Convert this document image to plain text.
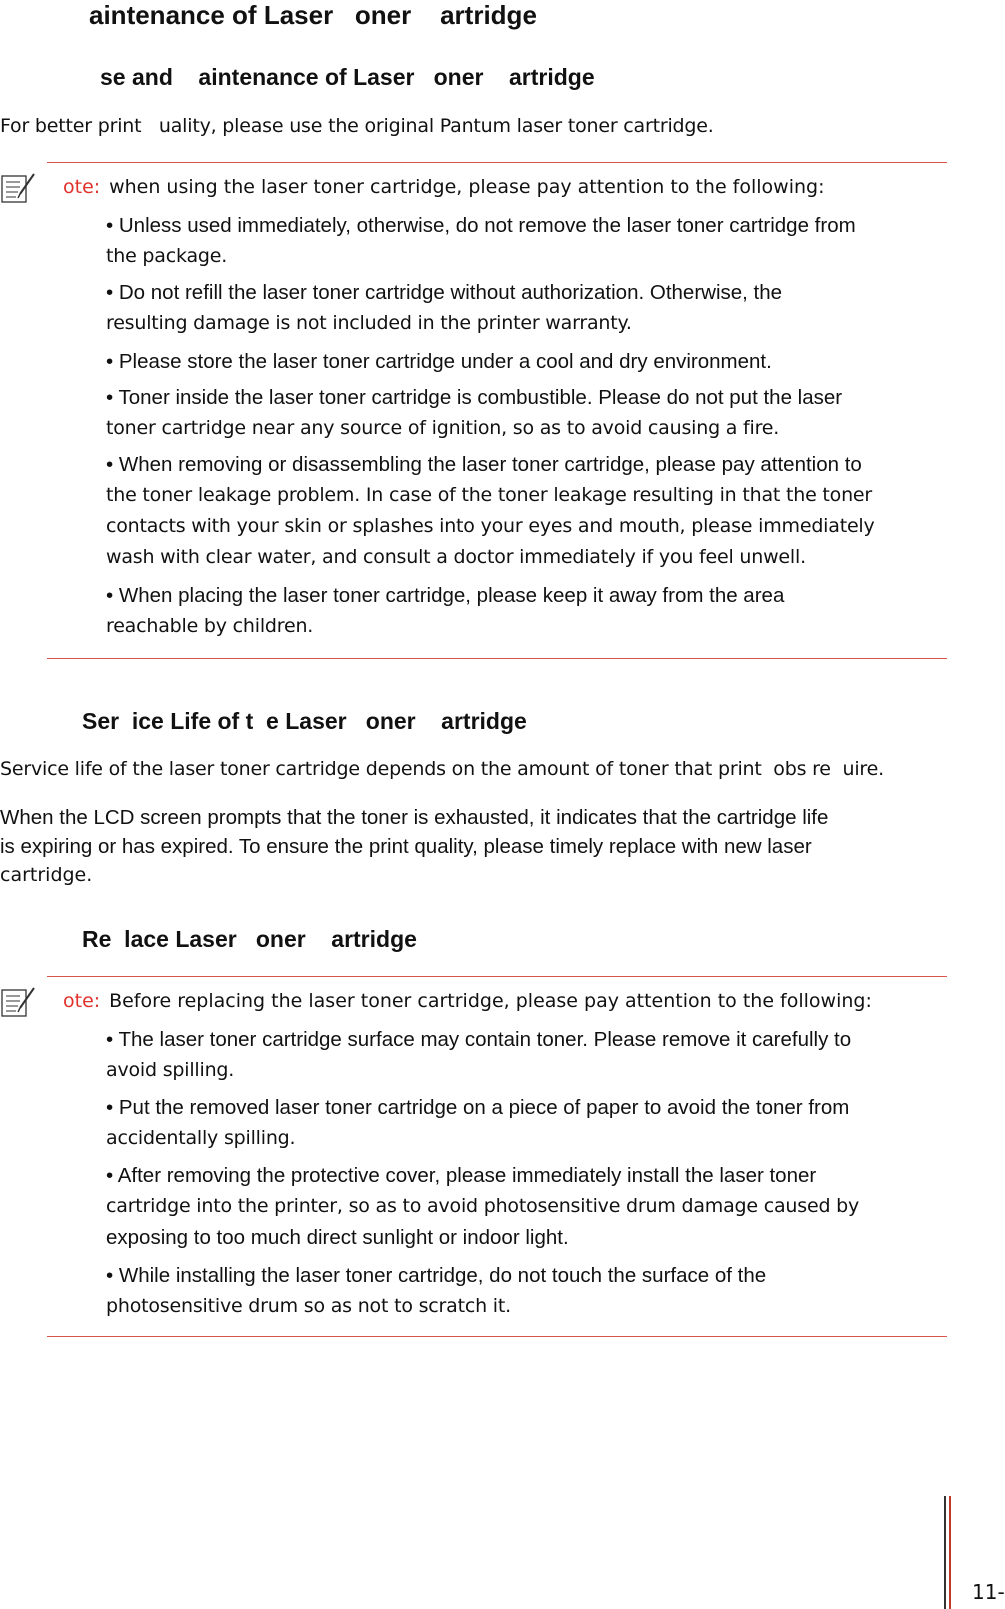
aintenance of Laser   oner    artridge
se and    aintenance of Laser   oner    artridge
For better print   uality, please use the original Pantum laser toner cartridge.
ote: when using the laser toner cartridge, please pay attention to the following:
• Unless used immediately, otherwise, do not remove the laser toner cartridge from
the package.
• Do not refill the laser toner cartridge without authorization. Otherwise, the
resulting damage is not included in the printer warranty.
• Please store the laser toner cartridge under a cool and dry environment.
• Toner inside the laser toner cartridge is combustible. Please do not put the laser
toner cartridge near any source of ignition, so as to avoid causing a fire.
• When removing or disassembling the laser toner cartridge, please pay attention to
the toner leakage problem. In case of the toner leakage resulting in that the toner
contacts with your skin or splashes into your eyes and mouth, please immediately
wash with clear water, and consult a doctor immediately if you feel unwell.
• When placing the laser toner cartridge, please keep it away from the area
reachable by children.
Ser  ice Life of t  e Laser   oner    artridge
Service life of the laser toner cartridge depends on the amount of toner that print  obs re  uire.
When the LCD screen prompts that the toner is exhausted, it indicates that the cartridge life
is expiring or has expired. To ensure the print quality, please timely replace with new laser
cartridge.
Re  lace Laser   oner    artridge
ote: Before replacing the laser toner cartridge, please pay attention to the following:
• The laser toner cartridge surface may contain toner. Please remove it carefully to
avoid spilling.
• Put the removed laser toner cartridge on a piece of paper to avoid the toner from
accidentally spilling.
• After removing the protective cover, please immediately install the laser toner
cartridge into the printer, so as to avoid photosensitive drum damage caused by
exposing to too much direct sunlight or indoor light.
• While installing the laser toner cartridge, do not touch the surface of the
photosensitive drum so as not to scratch it.
11-
